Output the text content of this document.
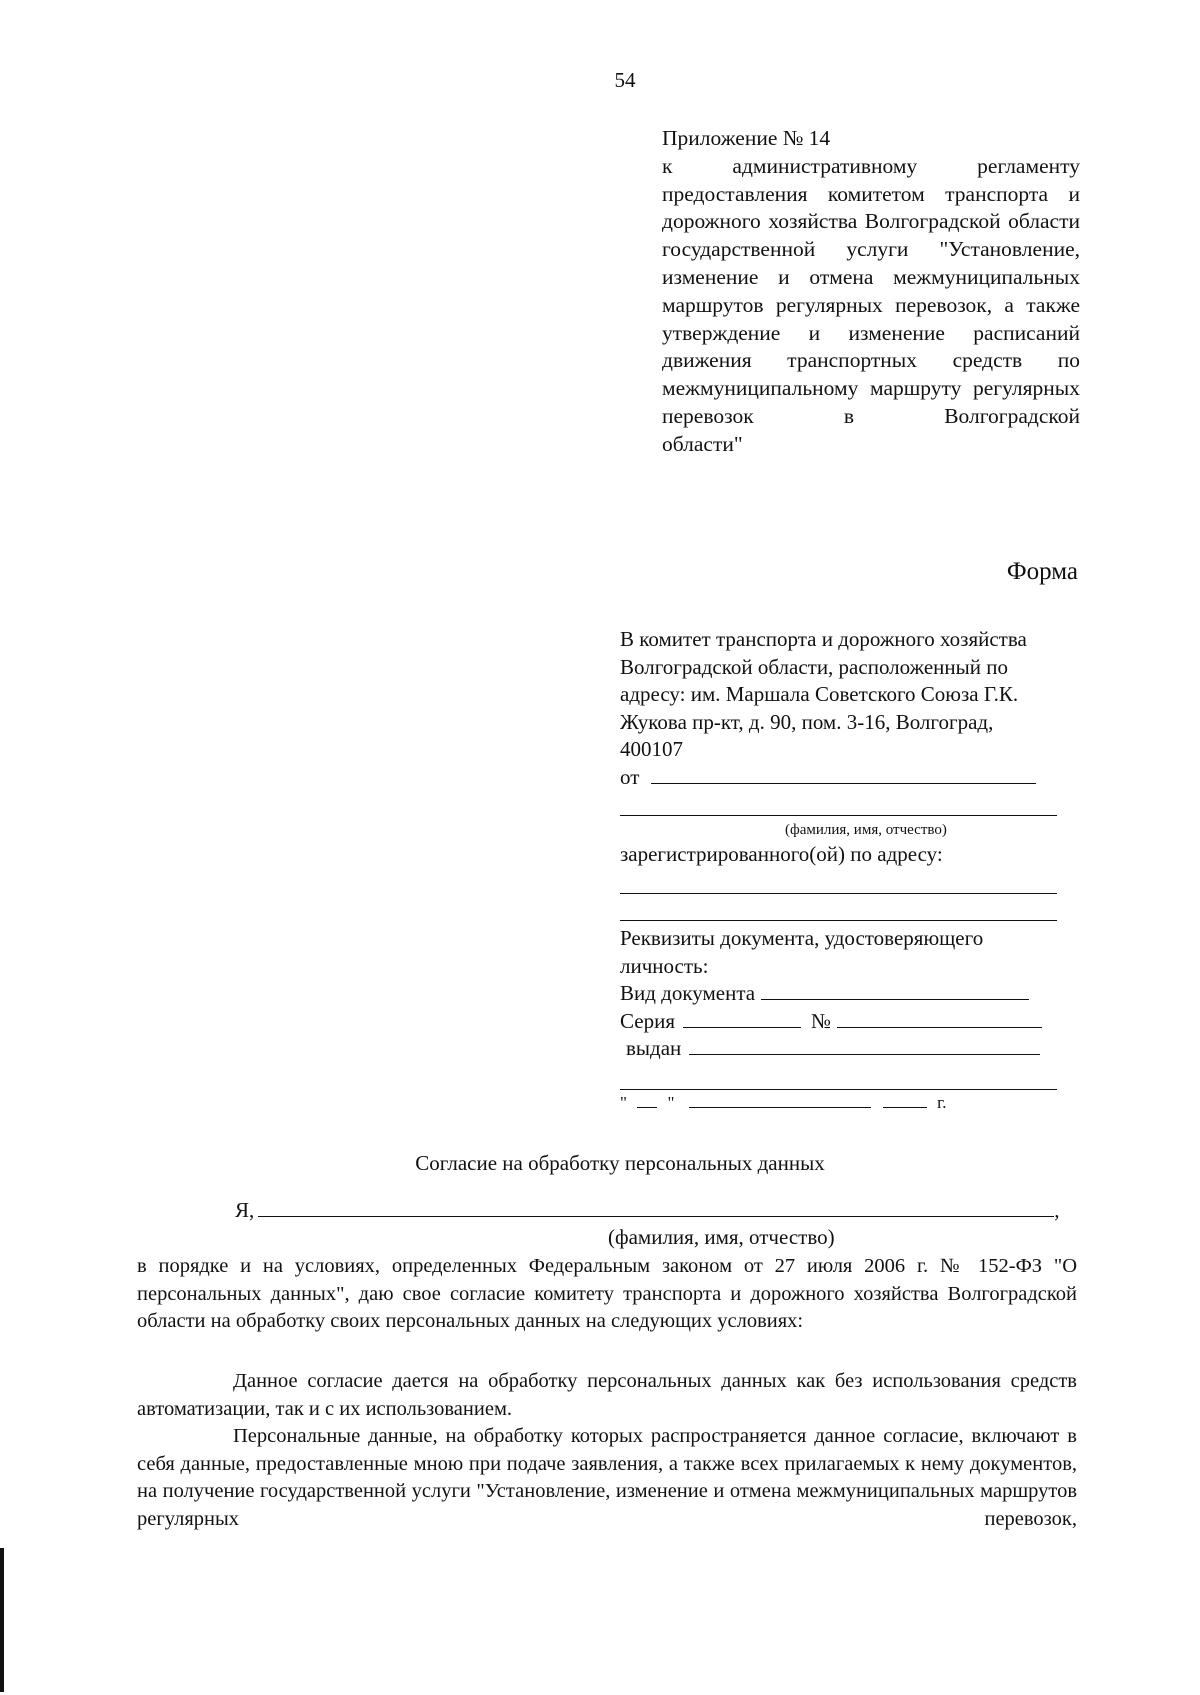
54
Приложение № 14
к административному регламенту предоставления комитетом транспорта и дорожного хозяйства Волгоградской области государственной услуги "Установление, изменение и отмена межмуниципальных маршрутов регулярных перевозок, а также утверждение и изменение расписаний движения транспортных средств по межмуниципальному маршруту регулярных перевозок в Волгоградской
области"
Форма
В комитет транспорта и дорожного хозяйства Волгоградской области, расположенный по адресу: им. Маршала Советского Союза Г.К. Жукова пр-кт, д. 90, пом. 3-16, Волгоград, 400107
от
(фамилия, имя, отчество)
зарегистрированного(ой) по адресу:
Реквизиты документа, удостоверяющего личность:
Вид документа
Серия	№
выдан
" "	г.
Согласие на обработку персональных данных
Я,	,
(фамилия, имя, отчество)
в порядке и на условиях, определенных Федеральным законом от 27 июля 2006 г. № 152-ФЗ "О персональных данных", даю свое согласие комитету транспорта и дорожного хозяйства Волгоградской области на обработку своих персональных данных на следующих условиях:
Данное согласие дается на обработку персональных данных как без использования средств автоматизации, так и с их использованием.
Персональные данные, на обработку которых распространяется данное согласие, включают в себя данные, предоставленные мною при подаче заявления, а также всех прилагаемых к нему документов, на получение государственной услуги "Установление, изменение и отмена межмуниципальных маршрутов регулярных перевозок,
